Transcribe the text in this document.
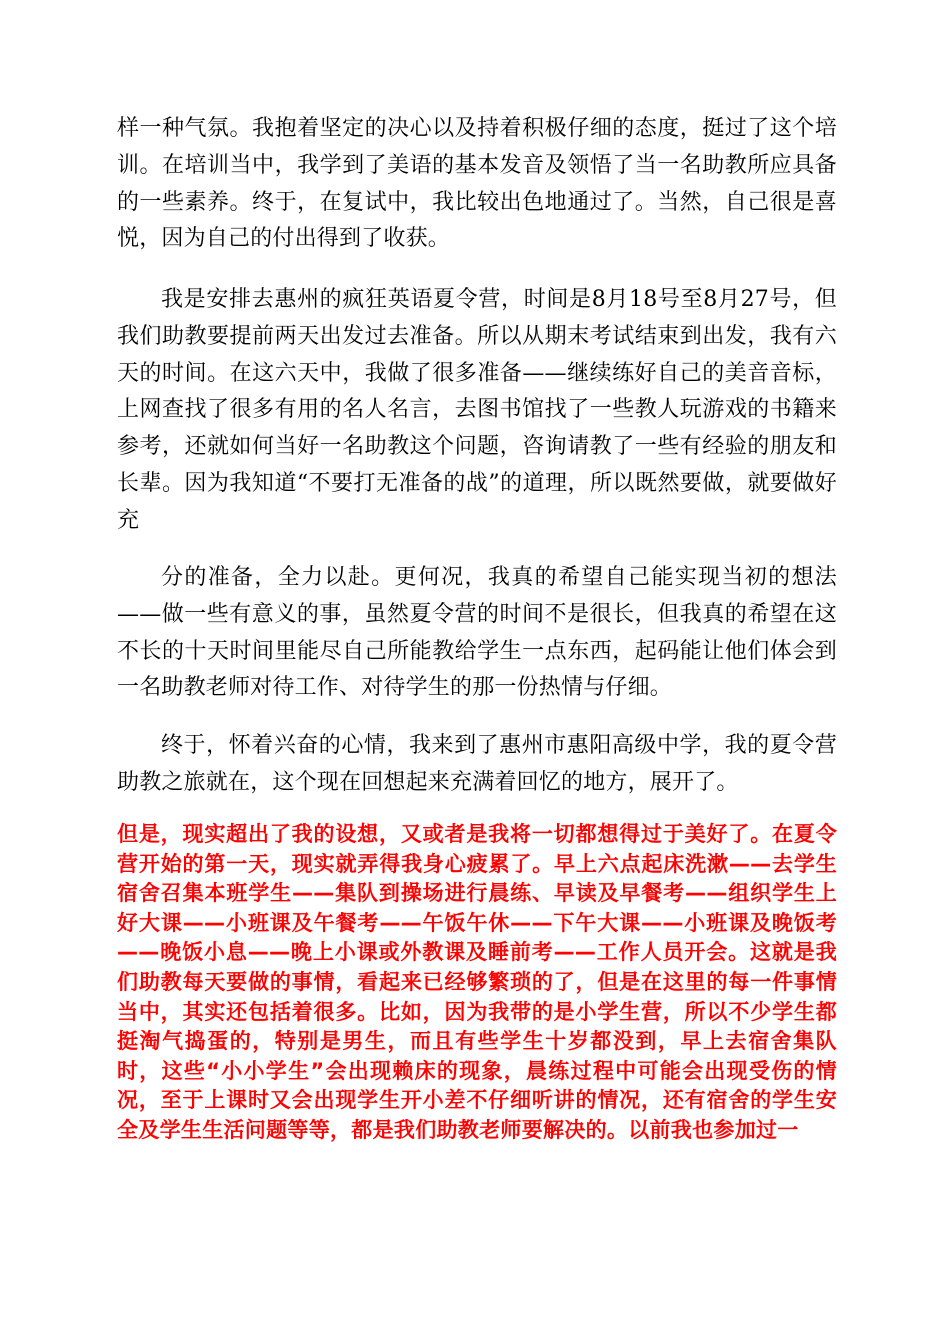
样一种气氛。我抱着坚定的决心以及持着积极仔细的态度，挺过了这个培训。在培训当中，我学到了美语的基本发音及领悟了当一名助教所应具备的一些素养。终于，在复试中，我比较出色地通过了。当然，自己很是喜悦，因为自己的付出得到了收获。

我是安排去惠州的疯狂英语夏令营，时间是8月18号至8月27号，但我们助教要提前两天出发过去准备。所以从期末考试结束到出发，我有六天的时间。在这六天中，我做了很多准备——继续练好自己的美音音标，上网查找了很多有用的名人名言，去图书馆找了一些教人玩游戏的书籍来参考，还就如何当好一名助教这个问题，咨询请教了一些有经验的朋友和长辈。因为我知道“不要打无准备的战”的道理，所以既然要做，就要做好充

分的准备，全力以赴。更何况，我真的希望自己能实现当初的想法——做一些有意义的事，虽然夏令营的时间不是很长，但我真的希望在这不长的十天时间里能尽自己所能教给学生一点东西，起码能让他们体会到一名助教老师对待工作、对待学生的那一份热情与仔细。

终于，怀着兴奋的心情，我来到了惠州市惠阳高级中学，我的夏令营助教之旅就在，这个现在回想起来充满着回忆的地方，展开了。

但是，现实超出了我的设想，又或者是我将一切都想得过于美好了。在夏令营开始的第一天，现实就弄得我身心疲累了。早上六点起床洗漱——去学生宿舍召集本班学生——集队到操场进行晨练、早读及早餐考——组织学生上好大课——小班课及午餐考——午饭午休——下午大课——小班课及晚饭考——晚饭小息——晚上小课或外教课及睡前考——工作人员开会。这就是我们助教每天要做的事情，看起来已经够繁琐的了，但是在这里的每一件事情当中，其实还包括着很多。比如，因为我带的是小学生营，所以不少学生都挺淘气捣蛋的，特别是男生，而且有些学生十岁都没到，早上去宿舍集队时，这些“小小学生”会出现赖床的现象，晨练过程中可能会出现受伤的情况，至于上课时又会出现学生开小差不仔细听讲的情况，还有宿舍的学生安全及学生生活问题等等，都是我们助教老师要解决的。以前我也参加过一
